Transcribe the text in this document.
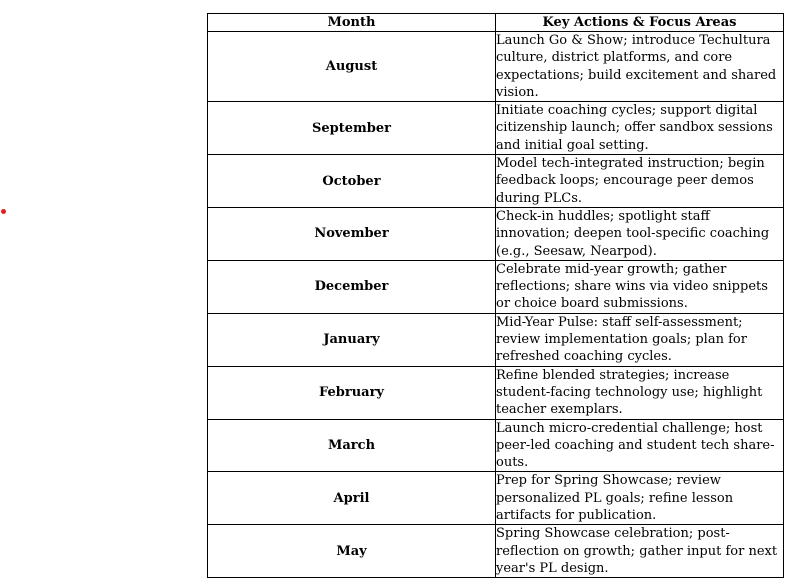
Month	Key Actions & Focus Areas
August	Launch Go & Show; introduce Techultura culture, district platforms, and core expectations; build excitement and shared vision.
September	Initiate coaching cycles; support digital citizenship launch; offer sandbox sessions and initial goal setting.
October	Model tech-integrated instruction; begin feedback loops; encourage peer demos during PLCs.
November	Check-in huddles; spotlight staff innovation; deepen tool-specific coaching (e.g., Seesaw, Nearpod).
December	Celebrate mid-year growth; gather reflections; share wins via video snippets or choice board submissions.
January	Mid-Year Pulse: staff self-assessment; review implementation goals; plan for refreshed coaching cycles.
February	Refine blended strategies; increase student-facing technology use; highlight teacher exemplars.
March	Launch micro-credential challenge; host peer-led coaching and student tech share-outs.
April	Prep for Spring Showcase; review personalized PL goals; refine lesson artifacts for publication.
May	Spring Showcase celebration; post-reflection on growth; gather input for next year's PL design.
